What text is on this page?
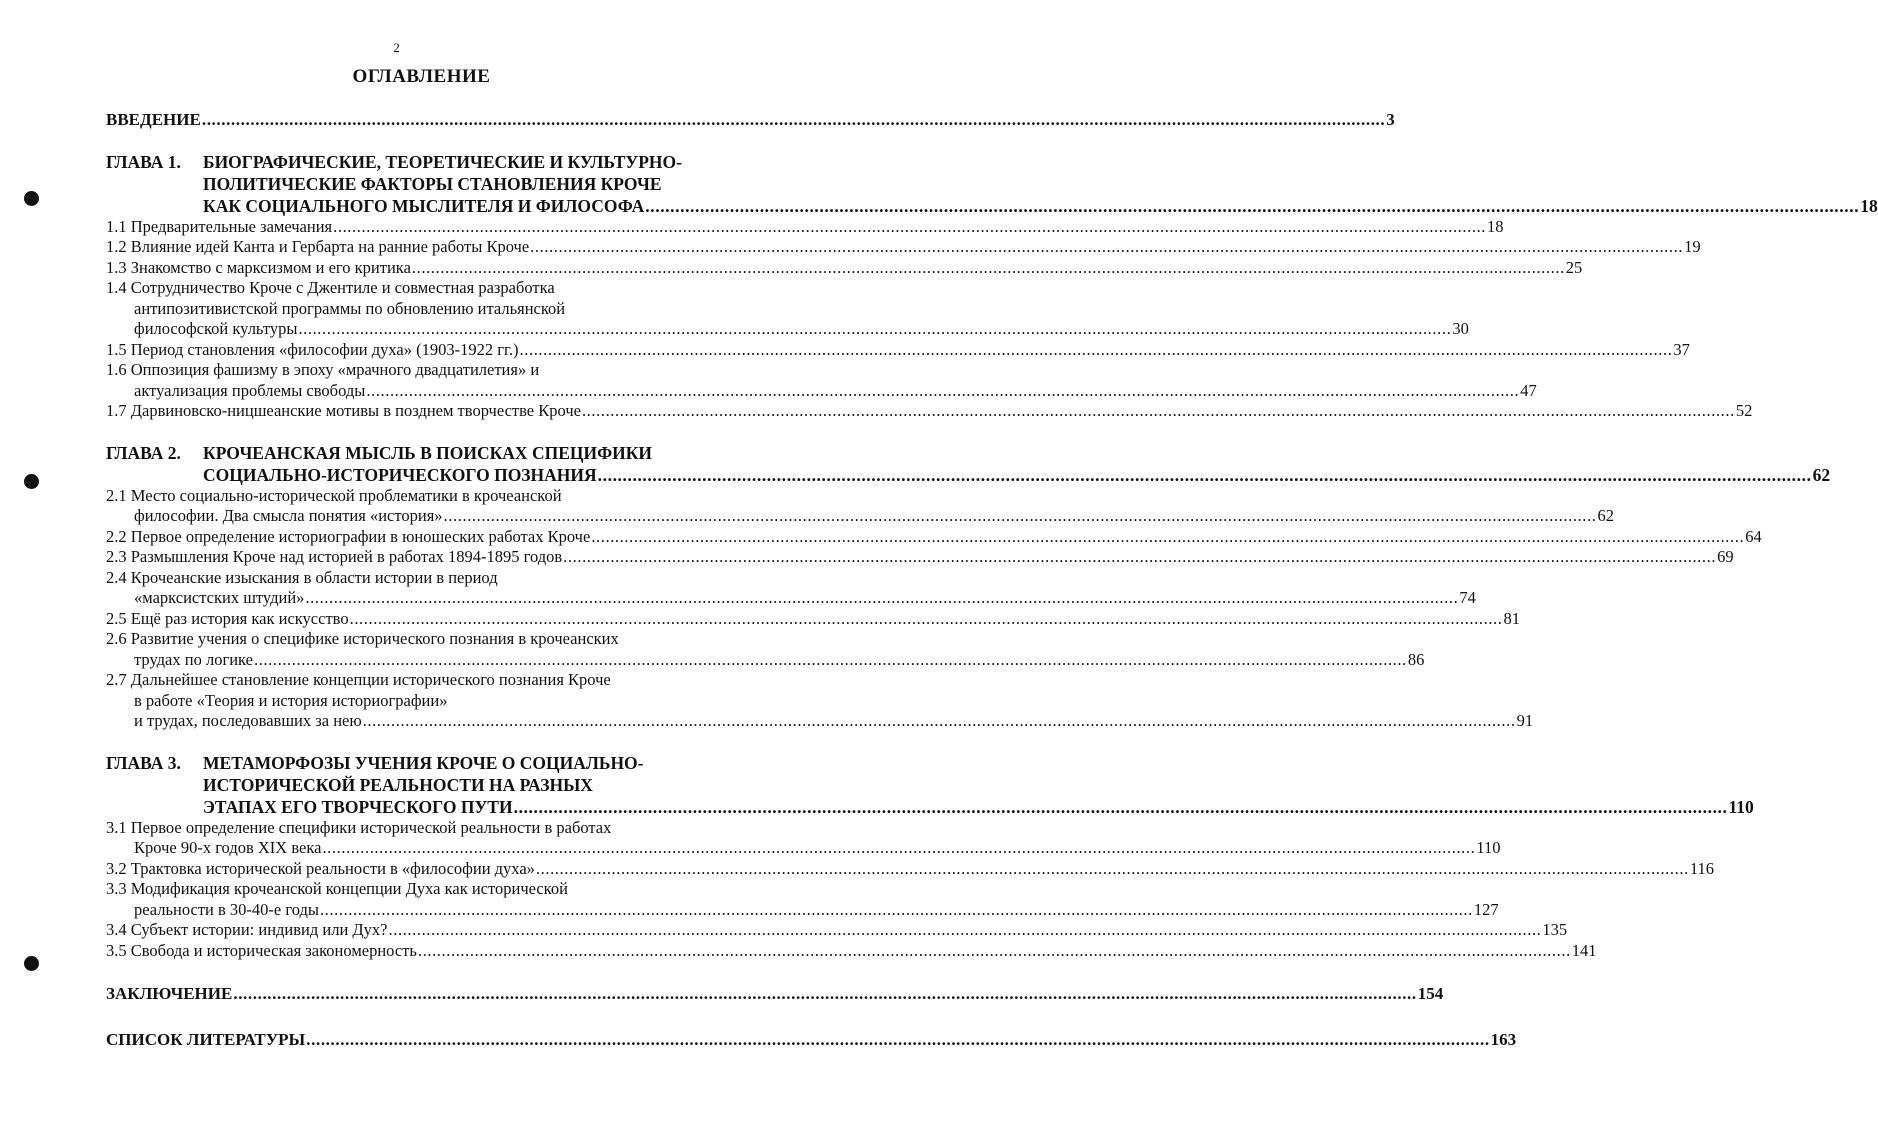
2
ОГЛАВЛЕНИЕ
ВВЕДЕНИЕ .....	3
ГЛАВА 1.	БИОГРАФИЧЕСКИЕ, ТЕОРЕТИЧЕСКИЕ И КУЛЬТУРНО-
ПОЛИТИЧЕСКИЕ ФАКТОРЫ СТАНОВЛЕНИЯ КРОЧЕ
КАК СОЦИАЛЬНОГО МЫСЛИТЕЛЯ И ФИЛОСОФА .....	18
1.1 Предварительные замечания .....	18
1.2 Влияние идей Канта и Гербарта на ранние работы Кроче .....	19
1.3 Знакомство с марксизмом и его критика .....	25
1.4 Сотрудничество Кроче с Джентиле и совместная разработка
антипозитивистской программы по обновлению итальянской
философской культуры .....	30
1.5 Период становления «философии духа» (1903-1922 гг.) .....	37
1.6 Оппозиция фашизму в эпоху «мрачного двадцатилетия» и
актуализация проблемы свободы .....	47
1.7 Дарвиновско-ницшеанские мотивы в позднем творчестве Кроче .....	52
ГЛАВА 2.	КРОЧЕАНСКАЯ МЫСЛЬ В ПОИСКАХ СПЕЦИФИКИ
СОЦИАЛЬНО-ИСТОРИЧЕСКОГО ПОЗНАНИЯ .....	62
2.1 Место социально-исторической проблематики в крочеанской
философии. Два смысла понятия «история» .....	62
2.2 Первое определение историографии в юношеских работах Кроче .....	64
2.3 Размышления Кроче над историей в работах 1894-1895 годов .....	69
2.4 Крочеанские изыскания в области истории в период
«марксистских штудий» .....	74
2.5 Ещё раз история как искусство .....	81
2.6 Развитие учения о специфике исторического познания в крочеанских
трудах по логике .....	86
2.7 Дальнейшее становление концепции исторического познания Кроче
в работе «Теория и история историографии»
и трудах, последовавших за нею .....	91
ГЛАВА 3.	МЕТАМОРФОЗЫ УЧЕНИЯ КРОЧЕ О СОЦИАЛЬНО-
ИСТОРИЧЕСКОЙ РЕАЛЬНОСТИ НА РАЗНЫХ
ЭТАПАХ ЕГО ТВОРЧЕСКОГО ПУТИ .....	110
3.1 Первое определение специфики исторической реальности в работах
Кроче 90-х годов XIX века .....	110
3.2 Трактовка исторической реальности в «философии духа» .....	116
3.3 Модификация крочеанской концепции Духа как исторической
реальности в 30-40-е годы .....	127
3.4 Субъект истории: индивид или Дух? .....	135
3.5 Свобода и историческая закономерность .....	141
ЗАКЛЮЧЕНИЕ .....	154
СПИСОК ЛИТЕРАТУРЫ .....	163
